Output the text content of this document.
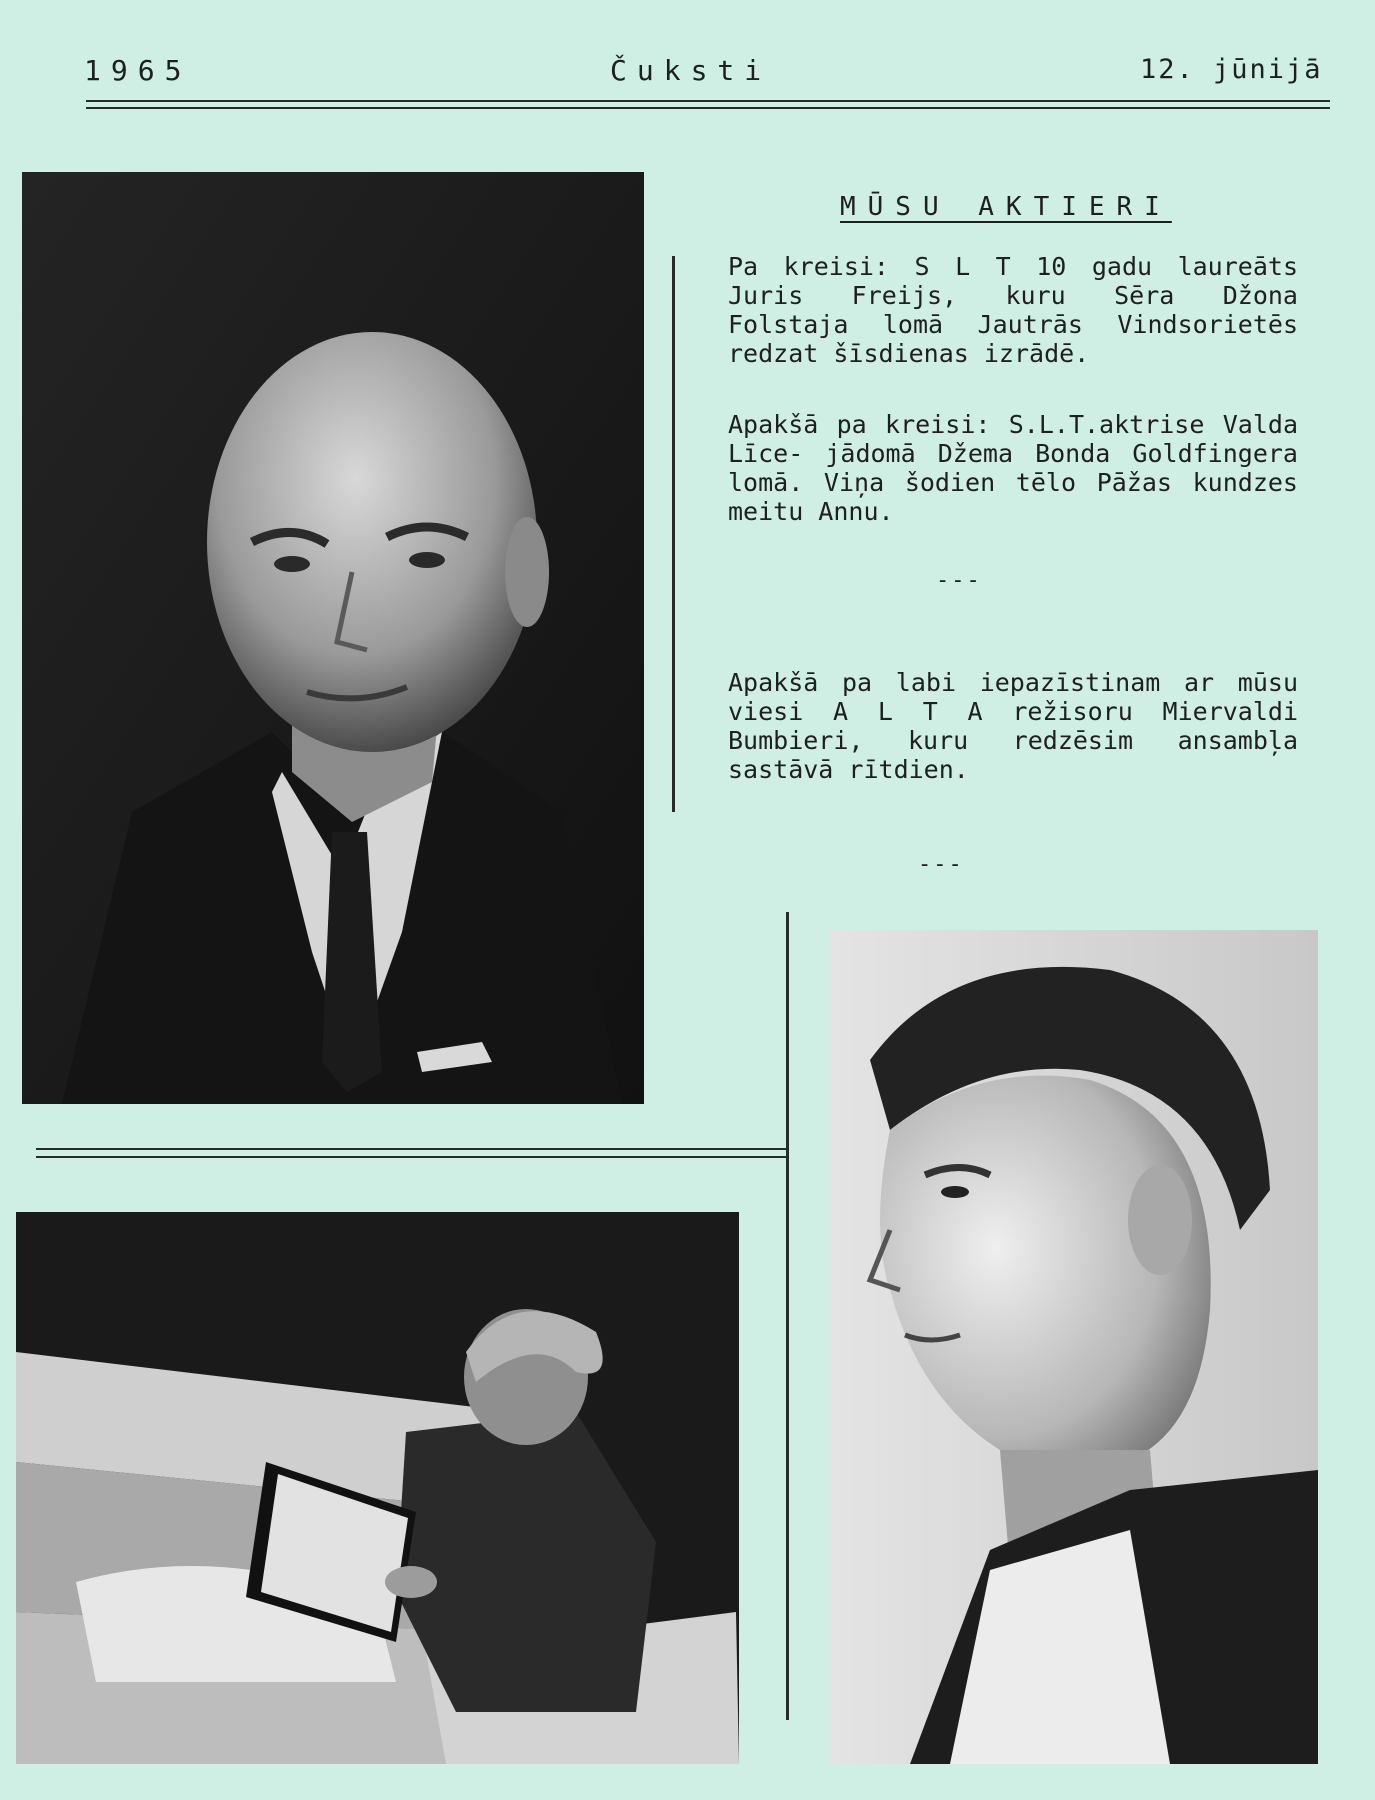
1965	Čuksti	12. jūnijā
MŪSU AKTIERI
Pa kreisi: S L T 10 gadu laureāts Juris Freijs, kuru Sēra Džona Folstaja lomā Jautrās Vindsorietēs redzat šīsdienas izrādē.
Apakšā pa kreisi: S.L.T.aktrise Valda Līce- jādomā Džema Bonda Goldfingera lomā. Viņa šodien tēlo Pāžas kundzes meitu Annu.
---
Apakšā pa labi iepazīstinam ar mūsu viesi A L T A režisoru Miervaldi Bumbieri, kuru redzēsim ansambļa sastāvā rītdien.
---
